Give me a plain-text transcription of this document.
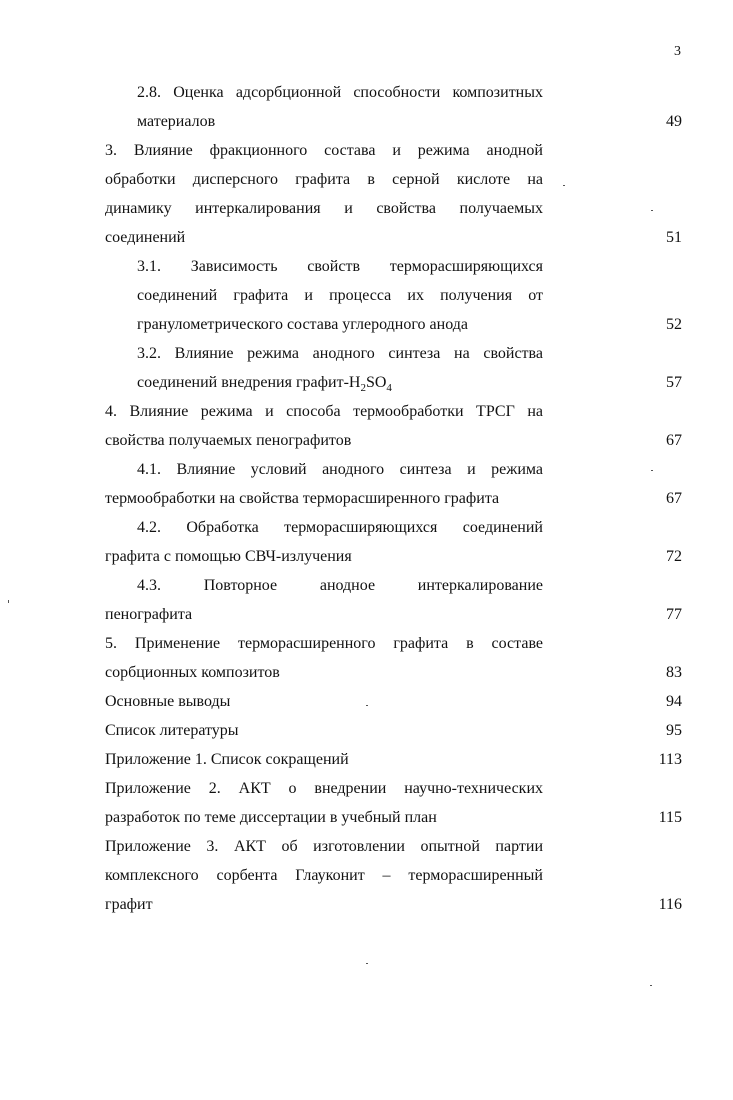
3
2.8. Оценка адсорбционной способности композитных
материалов	49
3. Влияние фракционного состава и режима анодной
обработки дисперсного графита в серной кислоте на
динамику интеркалирования и свойства получаемых
соединений	51
3.1. Зависимость свойств терморасширяющихся
соединений графита и процесса их получения от
гранулометрического состава углеродного анода	52
3.2. Влияние режима анодного синтеза на свойства
соединений внедрения графит-$H_2SO_4$	57
4. Влияние режима и способа термообработки ТРСГ на
свойства получаемых пенографитов	67
4.1. Влияние условий анодного синтеза и режима
термообработки на свойства терморасширенного графита	67
4.2. Обработка терморасширяющихся соединений
графита с помощью СВЧ-излучения	72
4.3. Повторное анодное интеркалирование
пенографита	77
5. Применение терморасширенного графита в составе
сорбционных композитов	83
Основные выводы	94
Список литературы	95
Приложение 1. Список сокращений	113
Приложение 2. АКТ о внедрении научно-технических
разработок по теме диссертации в учебный план	115
Приложение 3. АКТ об изготовлении опытной партии
комплексного сорбента Глауконит – терморасширенный
графит	116
